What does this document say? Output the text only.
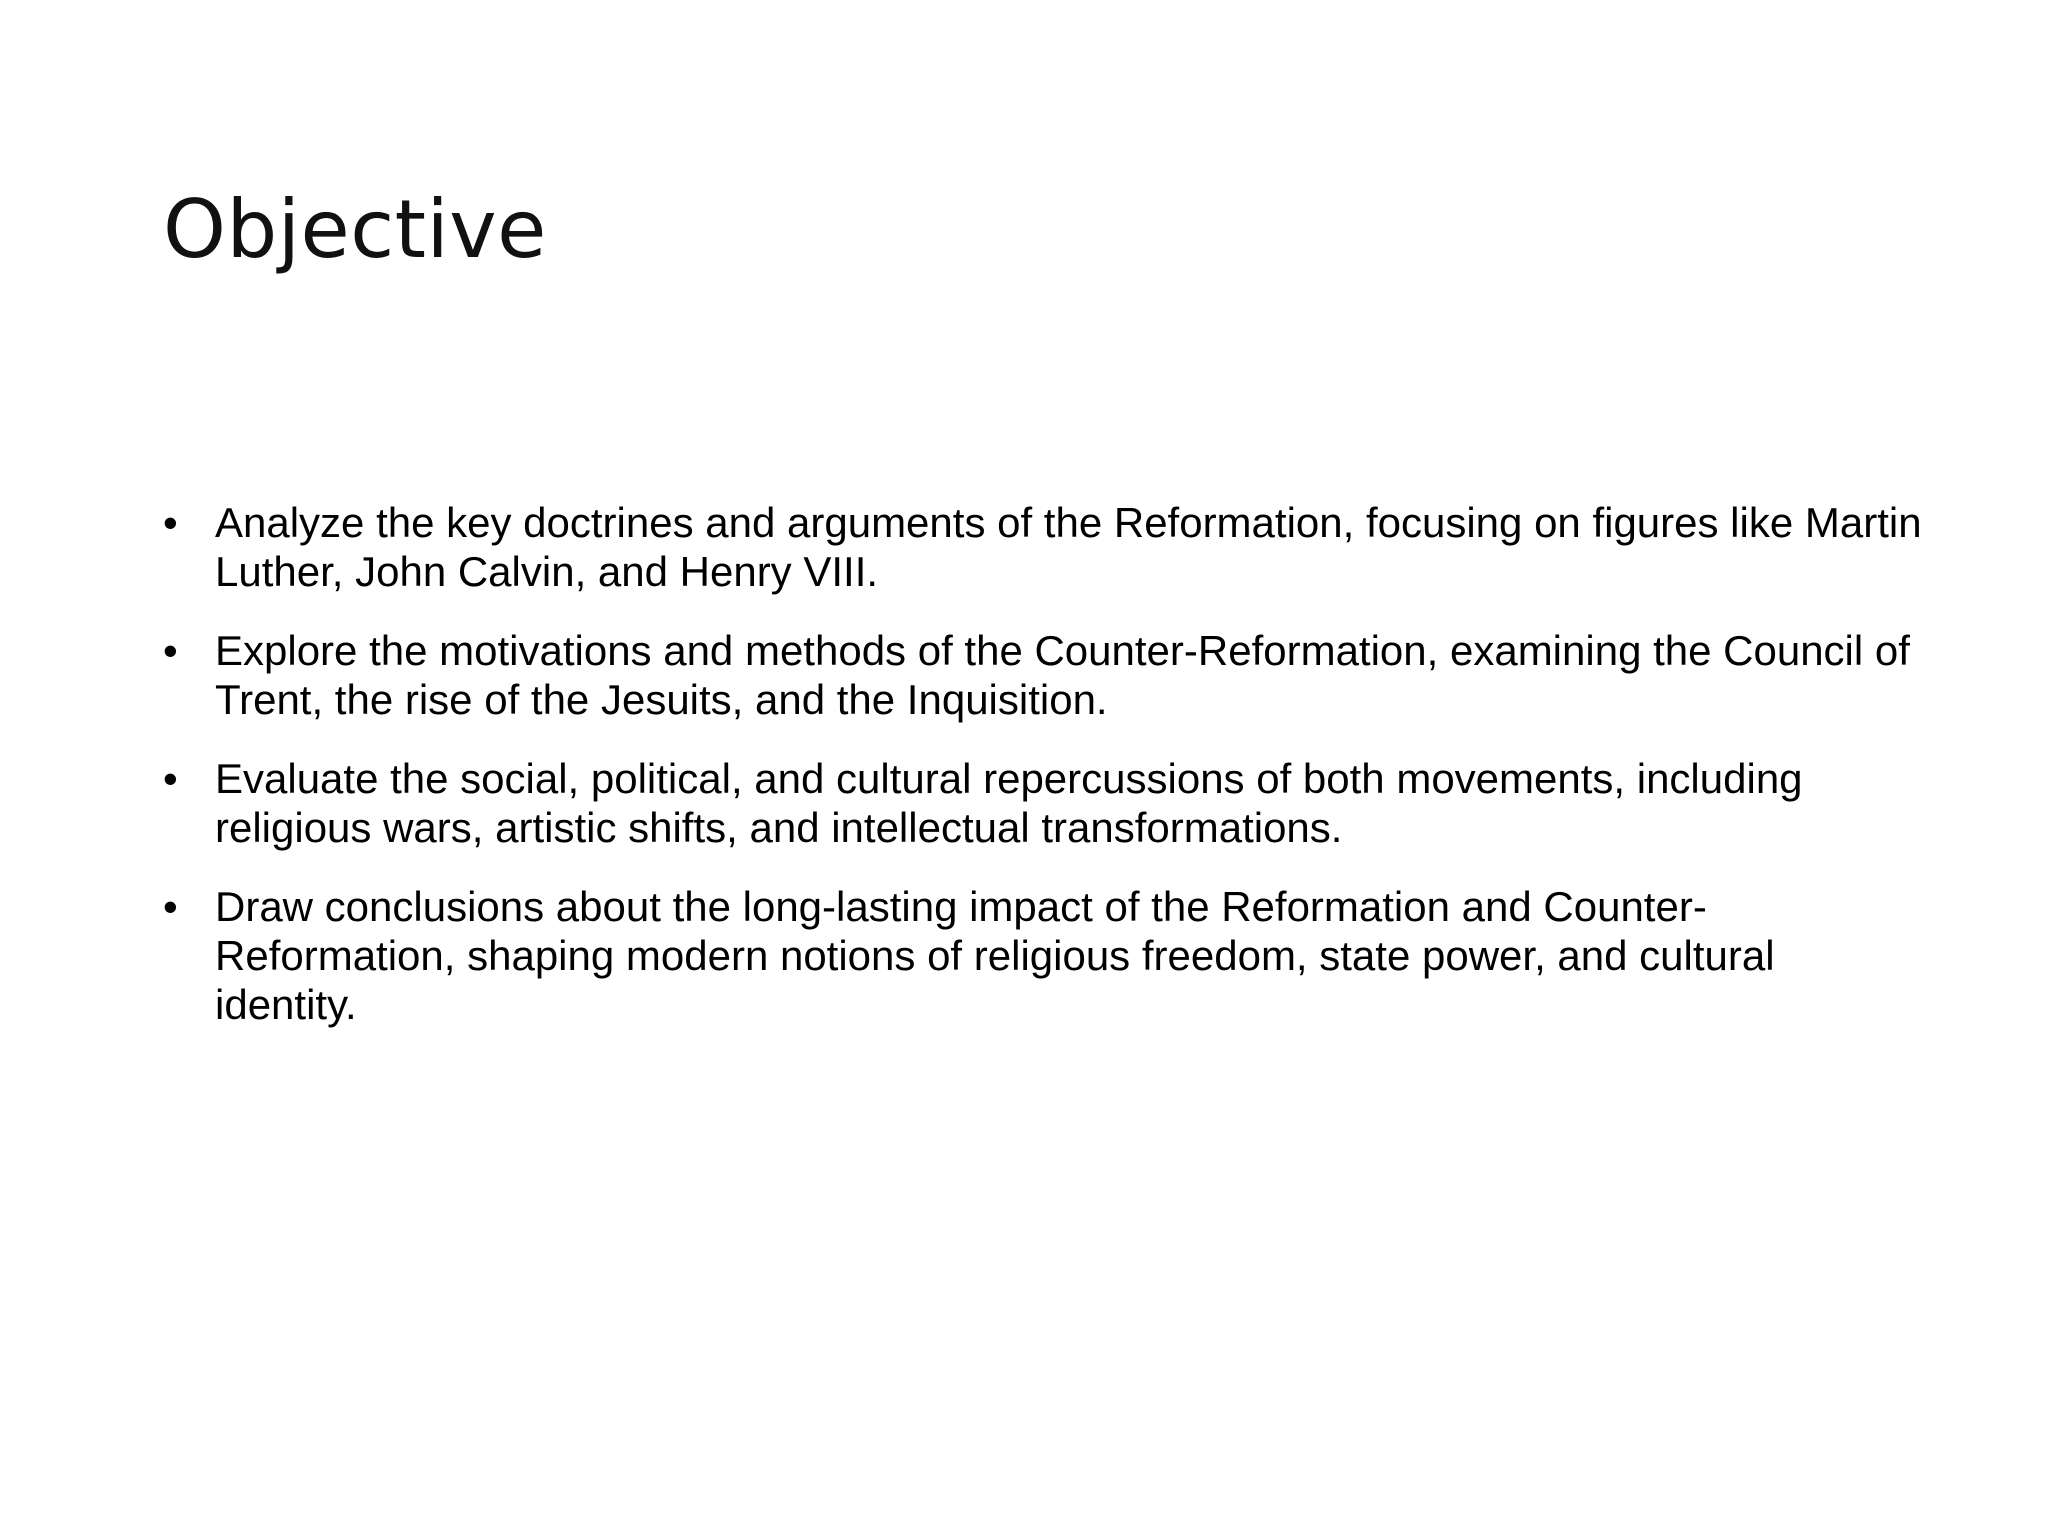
Objective
• Analyze the key doctrines and arguments of the Reformation, focusing on figures like Martin Luther, John Calvin, and Henry VIII.
• Explore the motivations and methods of the Counter-Reformation, examining the Council of Trent, the rise of the Jesuits, and the Inquisition.
• Evaluate the social, political, and cultural repercussions of both movements, including religious wars, artistic shifts, and intellectual transformations.
• Draw conclusions about the long-lasting impact of the Reformation and Counter-Reformation, shaping modern notions of religious freedom, state power, and cultural identity.
